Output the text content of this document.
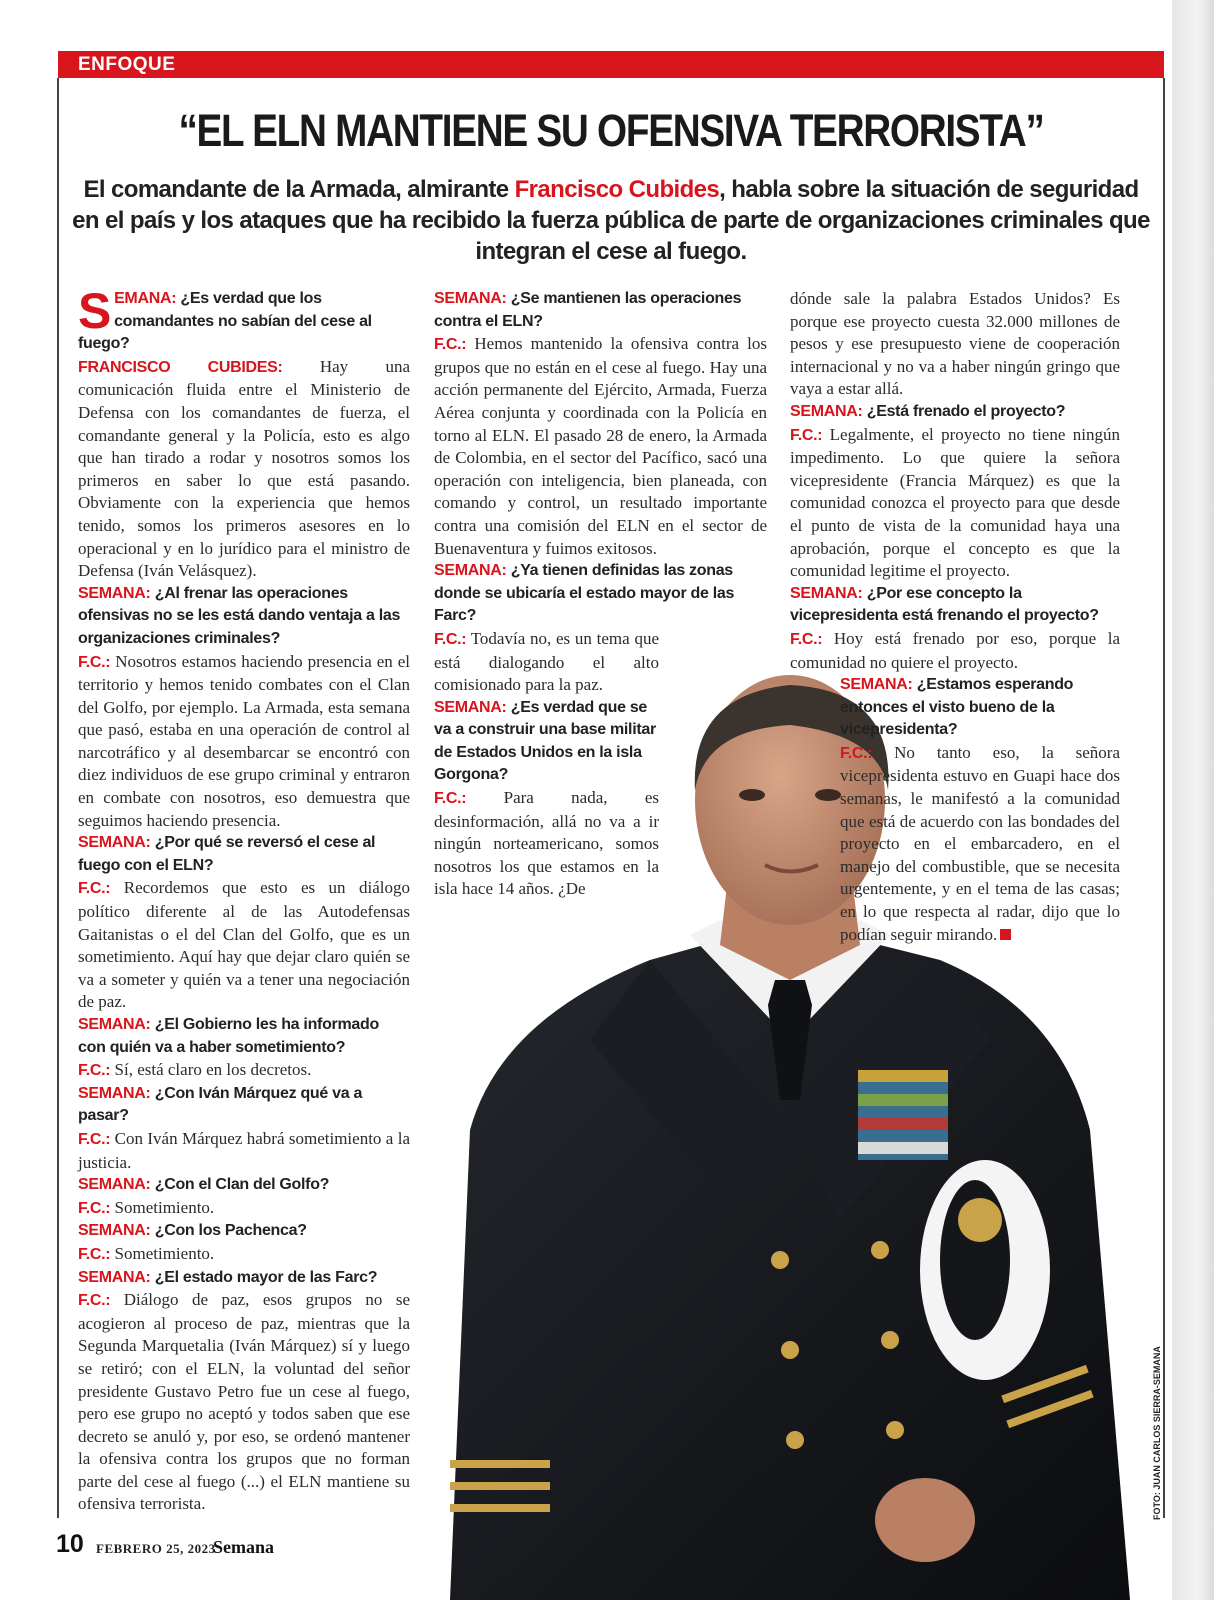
ENFOQUE
“EL ELN MANTIENE SU OFENSIVA TERRORISTA”

El comandante de la Armada, almirante Francisco Cubides, habla sobre la situación de seguridad en el país y los ataques que ha recibido la fuerza pública de parte de organizaciones criminales que integran el cese al fuego.

SEMANA: ¿Es verdad que los comandantes no sabían del cese al fuego?

FRANCISCO CUBIDES: Hay una comunicación fluida entre el Ministerio de Defensa con los comandantes de fuerza, el comandante general y la Policía, esto es algo que han tirado a rodar y nosotros somos los primeros en saber lo que está pasando. Obviamente con la experiencia que hemos tenido, somos los primeros asesores en lo operacional y en lo jurídico para el ministro de Defensa (Iván Velásquez).

SEMANA: ¿Al frenar las operaciones ofensivas no se les está dando ventaja a las organizaciones criminales?

F.C.: Nosotros estamos haciendo presencia en el territorio y hemos tenido combates con el Clan del Golfo, por ejemplo. La Armada, esta semana que pasó, estaba en una operación de control al narcotráfico y al desembarcar se encontró con diez individuos de ese grupo criminal y entraron en combate con nosotros, eso demuestra que seguimos haciendo presencia.

SEMANA: ¿Por qué se reversó el cese al fuego con el ELN?

F.C.: Recordemos que esto es un diálogo político diferente al de las Autodefensas Gaitanistas o el del Clan del Golfo, que es un sometimiento. Aquí hay que dejar claro quién se va a someter y quién va a tener una negociación de paz.

SEMANA: ¿El Gobierno les ha informado con quién va a haber sometimiento?

F.C.: Sí, está claro en los decretos.

SEMANA: ¿Con Iván Márquez qué va a pasar?

F.C.: Con Iván Márquez habrá sometimiento a la justicia.

SEMANA: ¿Con el Clan del Golfo?

F.C.: Sometimiento.

SEMANA: ¿Con los Pachenca?

F.C.: Sometimiento.

SEMANA: ¿El estado mayor de las Farc?

F.C.: Diálogo de paz, esos grupos no se acogieron al proceso de paz, mientras que la Segunda Marquetalia (Iván Márquez) sí y luego se retiró; con el ELN, la voluntad del señor presidente Gustavo Petro fue un cese al fuego, pero ese grupo no aceptó y todos saben que ese decreto se anuló y, por eso, se ordenó mantener la ofensiva contra los grupos que no forman parte del cese al fuego (...) el ELN mantiene su ofensiva terrorista.

SEMANA: ¿Se mantienen las operaciones contra el ELN?

F.C.: Hemos mantenido la ofensiva contra los grupos que no están en el cese al fuego. Hay una acción permanente del Ejército, Armada, Fuerza Aérea conjunta y coordinada con la Policía en torno al ELN. El pasado 28 de enero, la Armada de Colombia, en el sector del Pacífico, sacó una operación con inteligencia, bien planeada, con comando y control, un resultado importante contra una comisión del ELN en el sector de Buenaventura y fuimos exitosos.

SEMANA: ¿Ya tienen definidas las zonas donde se ubicaría el estado mayor de las Farc?

F.C.: Todavía no, es un tema que está dialogando el alto comisionado para la paz.

SEMANA: ¿Es verdad que se va a construir una base militar de Estados Unidos en la isla Gorgona?

F.C.: Para nada, es desinformación, allá no va a ir ningún norteamericano, somos nosotros los que estamos en la isla hace 14 años. ¿De

dónde sale la palabra Estados Unidos? Es porque ese proyecto cuesta 32.000 millones de pesos y ese presupuesto viene de cooperación internacional y no va a haber ningún gringo que vaya a estar allá.

SEMANA: ¿Está frenado el proyecto?

F.C.: Legalmente, el proyecto no tiene ningún impedimento. Lo que quiere la señora vicepresidente (Francia Márquez) es que la comunidad conozca el proyecto para que desde el punto de vista de la comunidad haya una aprobación, porque el concepto es que la comunidad legitime el proyecto.

SEMANA: ¿Por ese concepto la vicepresidenta está frenando el proyecto?

F.C.: Hoy está frenado por eso, porque la comunidad no quiere el proyecto.

SEMANA: ¿Estamos esperando entonces el visto bueno de la vicepresidenta?

F.C.: No tanto eso, la señora vicepresidenta estuvo en Guapi hace dos semanas, le manifestó a la comunidad que está de acuerdo con las bondades del proyecto en el embarcadero, en el manejo del combustible, que se necesita urgentemente, y en el tema de las casas; en lo que respecta al radar, dijo que lo podían seguir mirando.

FOTO: JUAN CARLOS SIERRA-SEMANA
10 FEBRERO 25, 2023
Semana
